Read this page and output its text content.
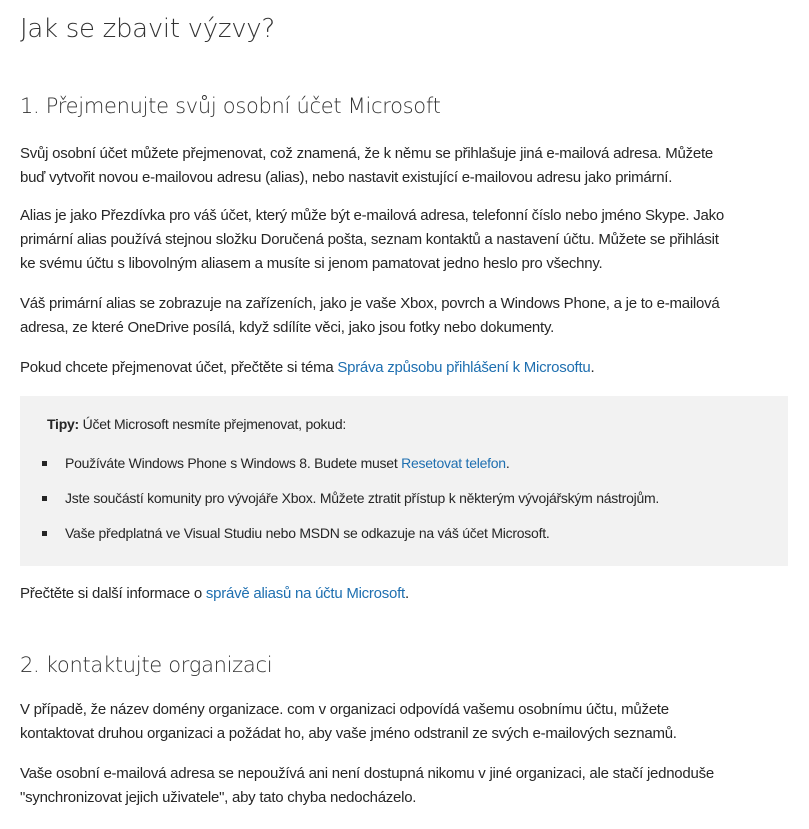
Jak se zbavit výzvy?
1. Přejmenujte svůj osobní účet Microsoft

Svůj osobní účet můžete přejmenovat, což znamená, že k němu se přihlašuje jiná e-mailová adresa. Můžete
buď vytvořit novou e-mailovou adresu (alias), nebo nastavit existující e-mailovou adresu jako primární.

Alias je jako Přezdívka pro váš účet, který může být e-mailová adresa, telefonní číslo nebo jméno Skype. Jako
primární alias používá stejnou složku Doručená pošta, seznam kontaktů a nastavení účtu. Můžete se přihlásit
ke svému účtu s libovolným aliasem a musíte si jenom pamatovat jedno heslo pro všechny.

Váš primární alias se zobrazuje na zařízeních, jako je vaše Xbox, povrch a Windows Phone, a je to e-mailová
adresa, ze které OneDrive posílá, když sdílíte věci, jako jsou fotky nebo dokumenty.

Pokud chcete přejmenovat účet, přečtěte si téma Správa způsobu přihlášení k Microsoftu.

Tipy: Účet Microsoft nesmíte přejmenovat, pokud:
Používáte Windows Phone s Windows 8. Budete muset Resetovat telefon.
Jste součástí komunity pro vývojáře Xbox. Můžete ztratit přístup k některým vývojářským nástrojům.
Vaše předplatná ve Visual Studiu nebo MSDN se odkazuje na váš účet Microsoft.

Přečtěte si další informace o správě aliasů na účtu Microsoft.

2. kontaktujte organizaci

V případě, že název domény organizace. com v organizaci odpovídá vašemu osobnímu účtu, můžete
kontaktovat druhou organizaci a požádat ho, aby vaše jméno odstranil ze svých e-mailových seznamů.

Vaše osobní e-mailová adresa se nepoužívá ani není dostupná nikomu v jiné organizaci, ale stačí jednoduše
"synchronizovat jejich uživatele", aby tato chyba nedocházelo.
